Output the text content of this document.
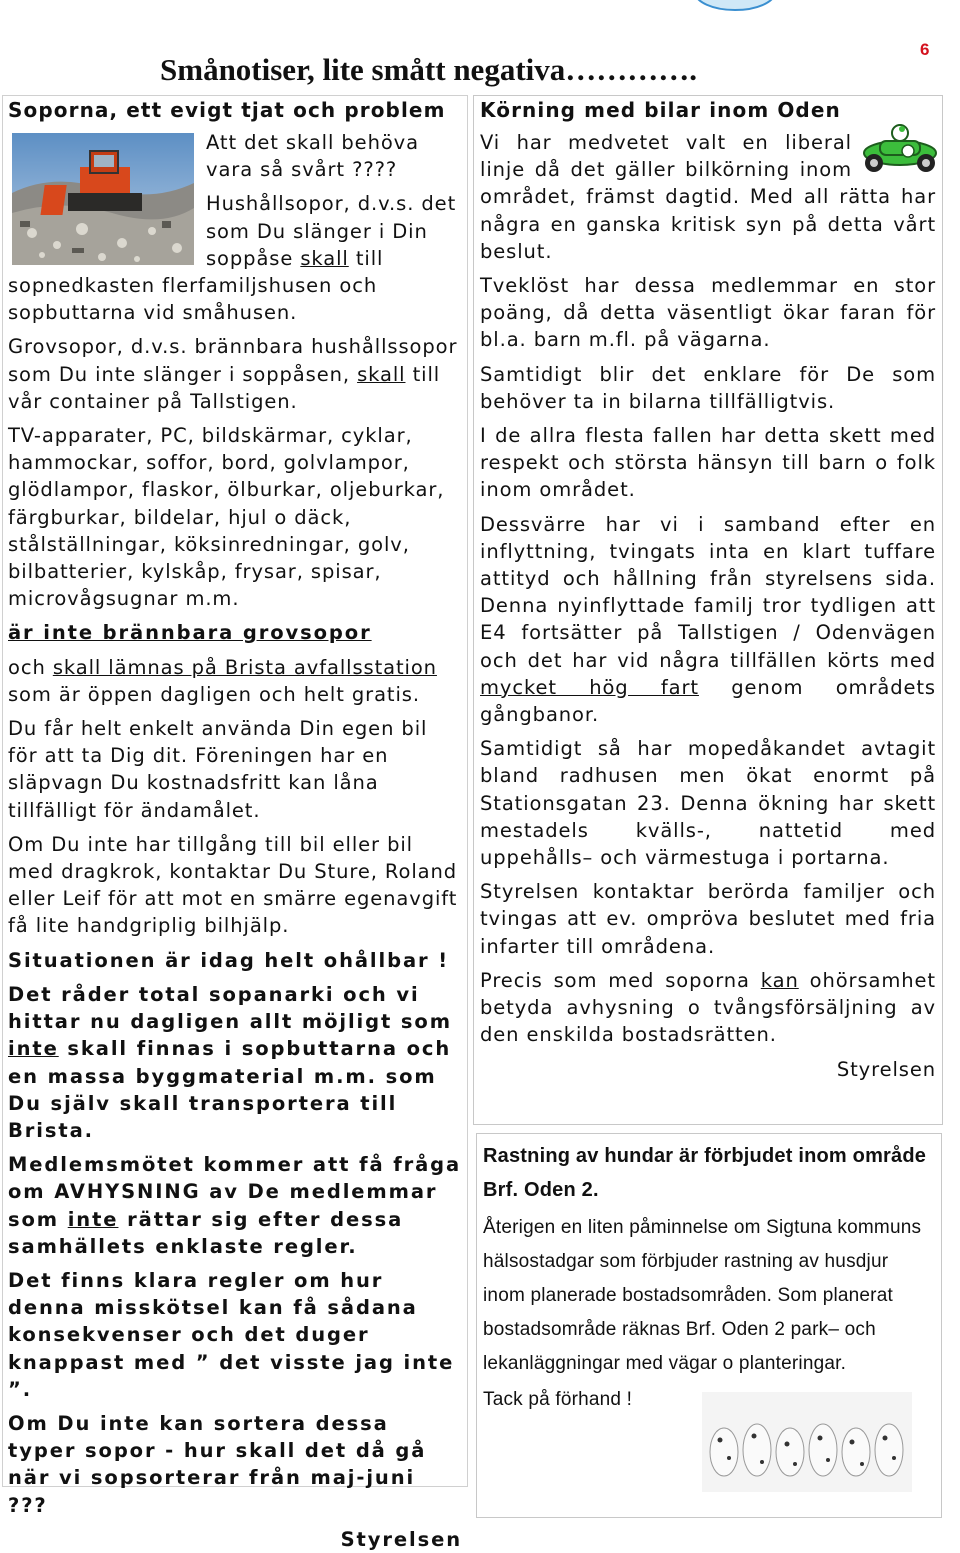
6
Smånotiser, lite smått negativa………….
Soporna, ett evigt tjat och problem

Att det skall behöva vara så svårt ????

Hushållsopor, d.v.s. det som Du slänger i Din soppåse skall till sopnedkasten flerfamiljshusen och sopbuttarna vid småhusen.

Grovsopor, d.v.s. brännbara hushållssopor som Du inte slänger i soppåsen, skall till vår container på Tallstigen.

TV-apparater, PC, bildskärmar, cyklar, hammockar, soffor, bord, golvlampor, glödlampor, flaskor, ölburkar, oljeburkar, färgburkar, bildelar, hjul o däck, stålställningar, köksinredningar, golv, bilbatterier, kylskåp, frysar, spisar, microvågsugnar m.m.

är inte brännbara grovsopor

och skall lämnas på Brista avfallsstation som är öppen dagligen och helt gratis.

Du får helt enkelt använda Din egen bil för att ta Dig dit. Föreningen har en släpvagn Du kostnadsfritt kan låna tillfälligt för ändamålet.

Om Du inte har tillgång till bil eller bil med dragkrok, kontaktar Du Sture, Roland eller Leif för att mot en smärre egenavgift få lite handgriplig bilhjälp.

Situationen är idag helt ohållbar !

Det råder total sopanarki och vi hittar nu dagligen allt möjligt som inte skall finnas i sopbuttarna och en massa byggmaterial m.m. som Du själv skall transportera till Brista.

Medlemsmötet kommer att få fråga om AVHYSNING av De medlemmar som inte rättar sig efter dessa samhällets enklaste regler.

Det finns klara regler om hur denna misskötsel kan få sådana konsekvenser och det duger knappast med ” det visste jag inte ”.

Om Du inte kan sortera dessa typer sopor - hur skall det då gå när vi sopsorterar från maj-juni ???

Styrelsen

Körning med bilar inom Oden

Vi har medvetet valt en liberal linje då det gäller bilkörning inom området, främst dagtid. Med all rätta har några en ganska kritisk syn på detta vårt beslut.

Tveklöst har dessa medlemmar en stor poäng, då detta väsentligt ökar faran för bl.a. barn m.fl. på vägarna.

Samtidigt blir det enklare för De som behöver ta in bilarna tillfälligtvis.

I de allra flesta fallen har detta skett med respekt och största hänsyn till barn o folk inom området.

Dessvärre har vi i samband efter en inflyttning, tvingats inta en klart tuffare attityd och hållning från styrelsens sida. Denna nyinflyttade familj tror tydligen att E4 fortsätter på Tallstigen / Odenvägen och det har vid några tillfällen körts med mycket hög fart genom områdets gångbanor.

Samtidigt så har mopedåkandet avtagit bland radhusen men ökat enormt på Stationsgatan 23. Denna ökning har skett mestadels kvälls-, nattetid med uppehålls– och värmestuga i portarna.

Styrelsen kontaktar berörda familjer och tvingas att ev. ompröva beslutet med fria infarter till områdena.

Precis som med soporna kan ohörsamhet betyda avhysning o tvångsförsäljning av den enskilda bostadsrätten.

Styrelsen

Rastning av hundar är förbjudet inom område Brf. Oden 2.
Återigen en liten påminnelse om Sigtuna kommuns hälsostadgar som förbjuder rastning av husdjur inom planerade bostadsområden. Som planerat bostadsområde räknas Brf. Oden 2 park– och lekanläggningar med vägar o planteringar.
Tack på förhand !
